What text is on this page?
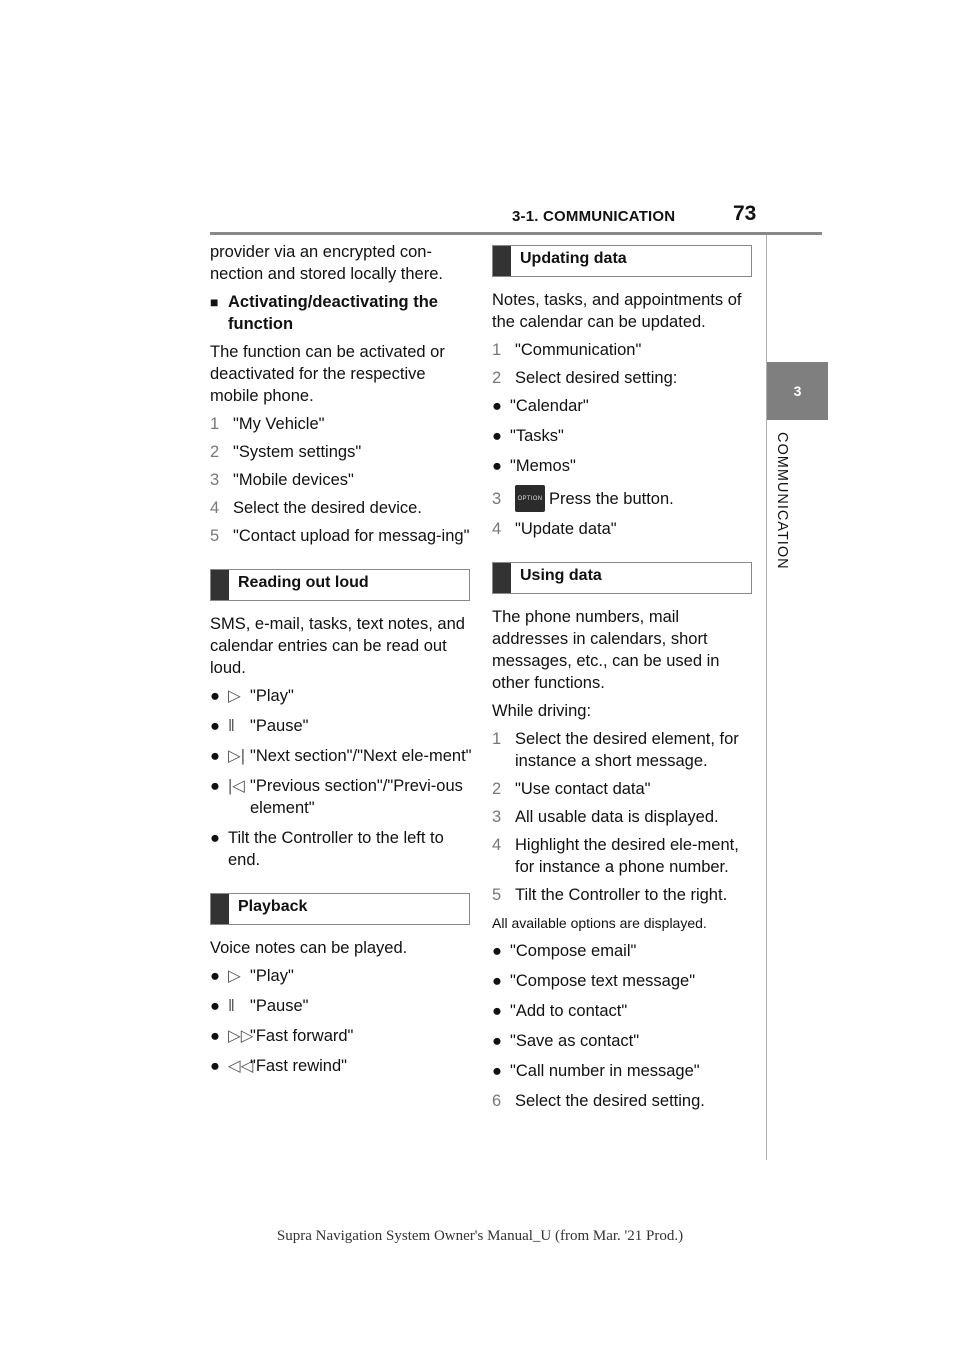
3-1. COMMUNICATION	73
3
COMMUNICATION

provider via an encrypted con-nection and stored locally there.

■ Activating/deactivating the function

The function can be activated or deactivated for the respective mobile phone.

1 "My Vehicle"
2 "System settings"
3 "Mobile devices"
4 Select the desired device.
5 "Contact upload for messag-ing"
Reading out loud

SMS, e-mail, tasks, text notes, and calendar entries can be read out loud.

● ▷ "Play"
● ‖ "Pause"
● ▷| "Next section"/"Next ele-ment"
● |◁ "Previous section"/"Previ-ous element"
● Tilt the Controller to the left to end.
Playback

Voice notes can be played.

● ▷ "Play"
● ‖ "Pause"
● ▷▷
"Fast forward"
● ◁◁
"Fast rewind"
Updating data

Notes, tasks, and appointments of the calendar can be updated.

1 "Communication"
2 Select desired setting:
● "Calendar"
● "Tasks"
● "Memos"
3	OPTION Press the button.
4 "Update data"
Using data

The phone numbers, mail addresses in calendars, short messages, etc., can be used in other functions.

While driving:

1 Select the desired element, for instance a short message.
2 "Use contact data"
3 All usable data is displayed.
4 Highlight the desired ele-ment, for instance a phone number.
5 Tilt the Controller to the right.

All available options are displayed.

● "Compose email"
● "Compose text message"
● "Add to contact"
● "Save as contact"
● "Call number in message"
6 Select the desired setting.
Supra Navigation System Owner's Manual_U (from Mar. '21 Prod.)
